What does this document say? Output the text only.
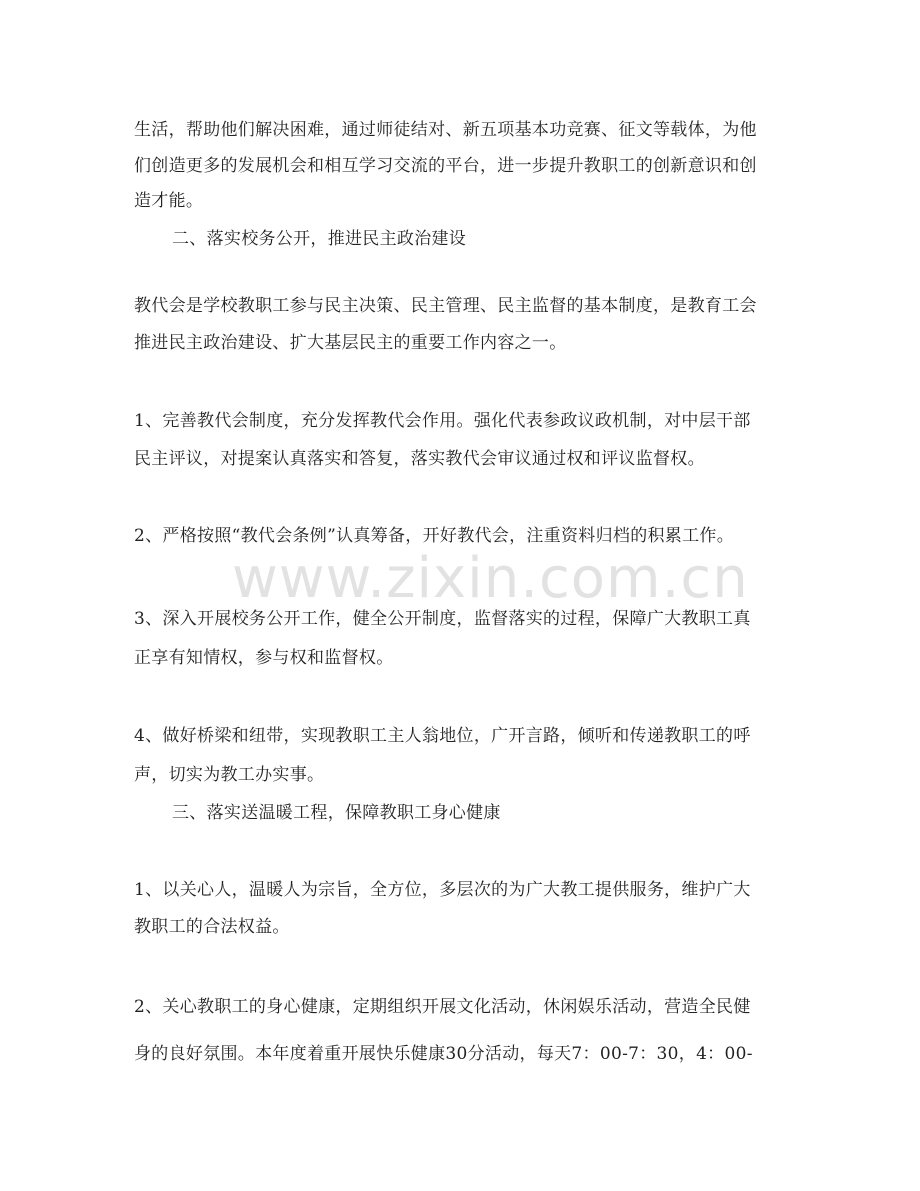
生活，帮助他们解决困难，通过师徒结对、新五项基本功竞赛、征文等载体，为他
们创造更多的发展机会和相互学习交流的平台，进一步提升教职工的创新意识和创
造才能。
二、落实校务公开，推进民主政治建设
教代会是学校教职工参与民主决策、民主管理、民主监督的基本制度，是教育工会
推进民主政治建设、扩大基层民主的重要工作内容之一。
1、完善教代会制度，充分发挥教代会作用。强化代表参政议政机制，对中层干部
民主评议，对提案认真落实和答复，落实教代会审议通过权和评议监督权。
2、严格按照“教代会条例”认真筹备，开好教代会，注重资料归档的积累工作。
3、深入开展校务公开工作，健全公开制度，监督落实的过程，保障广大教职工真
正享有知情权，参与权和监督权。
4、做好桥梁和纽带，实现教职工主人翁地位，广开言路，倾听和传递教职工的呼
声，切实为教工办实事。
三、落实送温暖工程，保障教职工身心健康
1、以关心人，温暖人为宗旨，全方位，多层次的为广大教工提供服务，维护广大
教职工的合法权益。
2、关心教职工的身心健康，定期组织开展文化活动，休闲娱乐活动，营造全民健
身的良好氛围。本年度着重开展快乐健康30分活动，每天7：00-7：30，4：00-
www.zixin.com.cn
